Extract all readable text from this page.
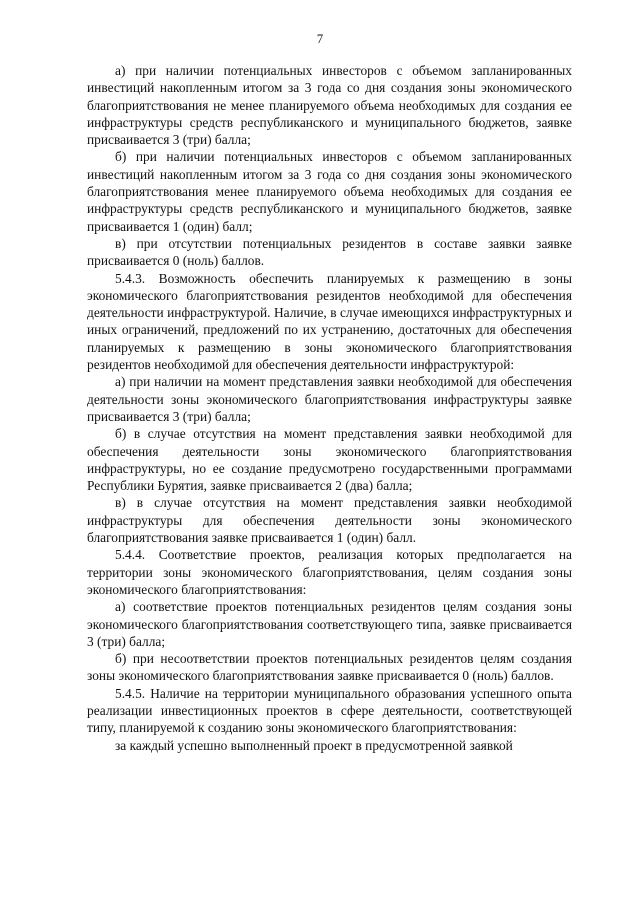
7

а) при наличии потенциальных инвесторов с объемом запланированных инвестиций накопленным итогом за 3 года со дня создания зоны экономического благоприятствования не менее планируемого объема необходимых для создания ее инфраструктуры средств республиканского и муниципального бюджетов, заявке присваивается 3 (три) балла;

б) при наличии потенциальных инвесторов с объемом запланированных инвестиций накопленным итогом за 3 года со дня создания зоны экономического благоприятствования менее планируемого объема необходимых для создания ее инфраструктуры средств республиканского и муниципального бюджетов, заявке присваивается 1 (один) балл;

в) при отсутствии потенциальных резидентов в составе заявки заявке присваивается 0 (ноль) баллов.

5.4.3. Возможность обеспечить планируемых к размещению в зоны экономического благоприятствования резидентов необходимой для обеспечения деятельности инфраструктурой. Наличие, в случае имеющихся инфраструктурных и иных ограничений, предложений по их устранению, достаточных для обеспечения планируемых к размещению в зоны экономического благоприятствования резидентов необходимой для обеспечения деятельности инфраструктурой:

а) при наличии на момент представления заявки необходимой для обеспечения деятельности зоны экономического благоприятствования инфраструктуры заявке присваивается 3 (три) балла;

б) в случае отсутствия на момент представления заявки необходимой для обеспечения деятельности зоны экономического благоприятствования инфраструктуры, но ее создание предусмотрено государственными программами Республики Бурятия, заявке присваивается 2 (два) балла;

в) в случае отсутствия на момент представления заявки необходимой инфраструктуры для обеспечения деятельности зоны экономического благоприятствования заявке присваивается 1 (один) балл.

5.4.4. Соответствие проектов, реализация которых предполагается на территории зоны экономического благоприятствования, целям создания зоны экономического благоприятствования:

а) соответствие проектов потенциальных резидентов целям создания зоны экономического благоприятствования соответствующего типа, заявке присваивается 3 (три) балла;

б) при несоответствии проектов потенциальных резидентов целям создания зоны экономического благоприятствования заявке присваивается 0 (ноль) баллов.

5.4.5. Наличие на территории муниципального образования успешного опыта реализации инвестиционных проектов в сфере деятельности, соответствующей типу, планируемой к созданию зоны экономического благоприятствования:

за каждый успешно выполненный проект в предусмотренной заявкой
